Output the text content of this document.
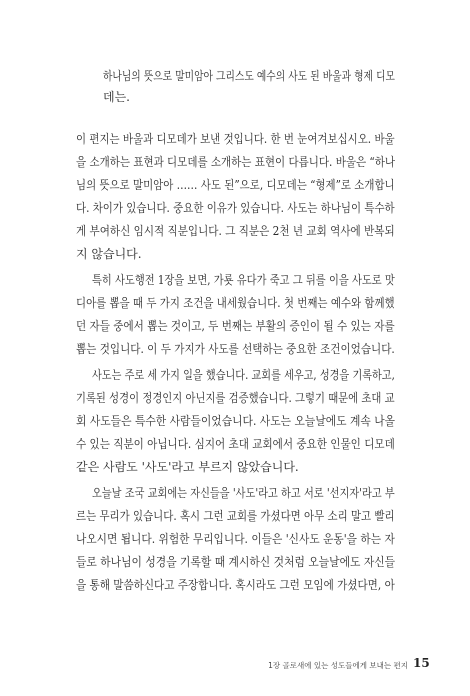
하나님의 뜻으로 말미암아 그리스도 예수의 사도 된 바울과 형제 디모
데는.
이 편지는 바울과 디모데가 보낸 것입니다. 한 번 눈여겨보십시오. 바울
을 소개하는 표현과 디모데를 소개하는 표현이 다릅니다. 바울은 “하나
님의 뜻으로 말미암아 …… 사도 된”으로, 디모데는 “형제”로 소개합니
다. 차이가 있습니다. 중요한 이유가 있습니다. 사도는 하나님이 특수하
게 부여하신 임시적 직분입니다. 그 직분은 2천 년 교회 역사에 반복되
지 않습니다.
특히 사도행전 1장을 보면, 가룟 유다가 죽고 그 뒤를 이을 사도로 맛
디아를 뽑을 때 두 가지 조건을 내세웠습니다. 첫 번째는 예수와 함께했
던 자들 중에서 뽑는 것이고, 두 번째는 부활의 증인이 될 수 있는 자를
뽑는 것입니다. 이 두 가지가 사도를 선택하는 중요한 조건이었습니다.
사도는 주로 세 가지 일을 했습니다. 교회를 세우고, 성경을 기록하고,
기록된 성경이 정경인지 아닌지를 검증했습니다. 그렇기 때문에 초대 교
회 사도들은 특수한 사람들이었습니다. 사도는 오늘날에도 계속 나올
수 있는 직분이 아닙니다. 심지어 초대 교회에서 중요한 인물인 디모데
같은 사람도 '사도'라고 부르지 않았습니다.
오늘날 조국 교회에는 자신들을 '사도'라고 하고 서로 '선지자'라고 부
르는 무리가 있습니다. 혹시 그런 교회를 가셨다면 아무 소리 말고 빨리
나오시면 됩니다. 위험한 무리입니다. 이들은 '신사도 운동'을 하는 자
들로 하나님이 성경을 기록할 때 계시하신 것처럼 오늘날에도 자신들
을 통해 말씀하신다고 주장합니다. 혹시라도 그런 모임에 가셨다면, 아
1장 골로새에 있는 성도들에게 보내는 편지 15
